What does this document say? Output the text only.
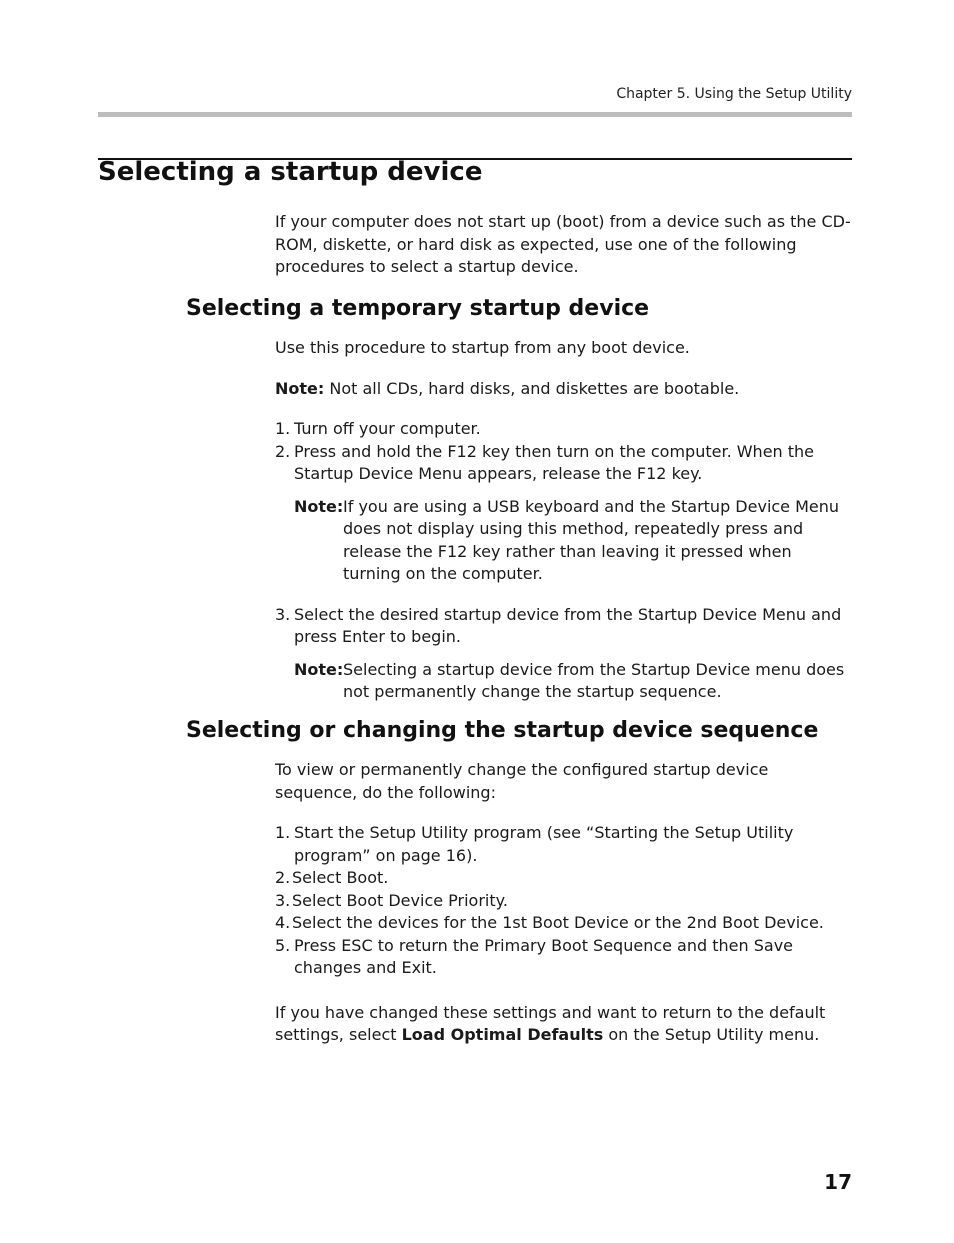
Chapter 5. Using the Setup Utility
Selecting a startup device

If your computer does not start up (boot) from a device such as the CD-ROM, diskette, or hard disk as expected, use one of the following procedures to select a startup device.

Selecting a temporary startup device

Use this procedure to startup from any boot device.

Note: Not all CDs, hard disks, and diskettes are bootable.

1. Turn off your computer.
2. Press and hold the F12 key then turn on the computer. When the Startup Device Menu appears, release the F12 key.
Note: If you are using a USB keyboard and the Startup Device Menu does not display using this method, repeatedly press and release the F12 key rather than leaving it pressed when turning on the computer.
3. Select the desired startup device from the Startup Device Menu and press Enter to begin.
Note: Selecting a startup device from the Startup Device menu does not permanently change the startup sequence.
Selecting or changing the startup device sequence

To view or permanently change the configured startup device sequence, do the following:

1. Start the Setup Utility program (see “Starting the Setup Utility program” on page 16).
2. Select Boot.
3. Select Boot Device Priority.
4. Select the devices for the 1st Boot Device or the 2nd Boot Device.
5. Press ESC to return the Primary Boot Sequence and then Save changes and Exit.

If you have changed these settings and want to return to the default settings, select Load Optimal Defaults on the Setup Utility menu.

17
